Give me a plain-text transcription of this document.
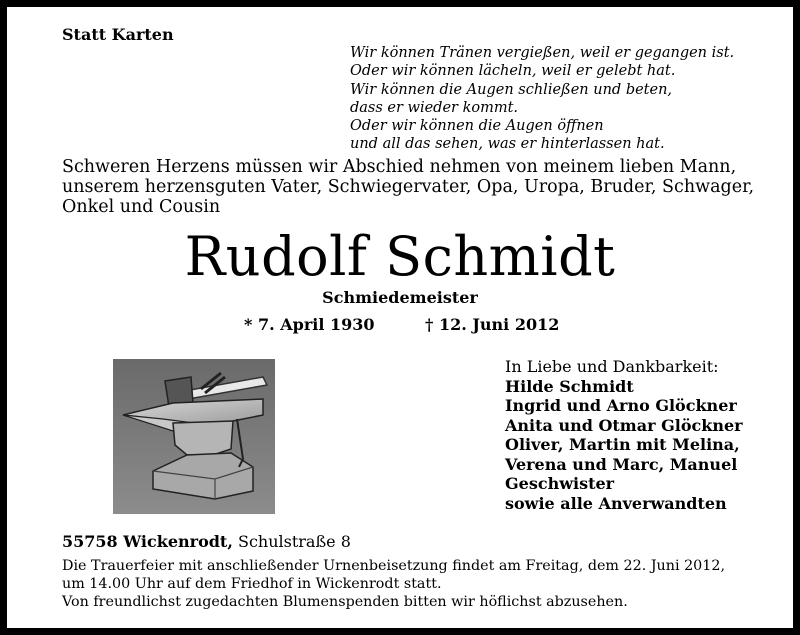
Statt Karten
Wir können Tränen vergießen, weil er gegangen ist.
Oder wir können lächeln, weil er gelebt hat.
Wir können die Augen schließen und beten,
dass er wieder kommt.
Oder wir können die Augen öffnen
und all das sehen, was er hinterlassen hat.
Schweren Herzens müssen wir Abschied nehmen von meinem lieben Mann,
unserem herzensguten Vater, Schwiegervater, Opa, Uropa, Bruder, Schwager,
Onkel und Cousin
Rudolf Schmidt
Schmiedemeister
* 7. April 1930	† 12. Juni 2012
In Liebe und Dankbarkeit:
Hilde Schmidt
Ingrid und Arno Glöckner
Anita und Otmar Glöckner
Oliver, Martin mit Melina,
Verena und Marc, Manuel
Geschwister
sowie alle Anverwandten
55758 Wickenrodt, Schulstraße 8
Die Trauerfeier mit anschließender Urnenbeisetzung findet am Freitag, dem 22. Juni 2012,
um 14.00 Uhr auf dem Friedhof in Wickenrodt statt.
Von freundlichst zugedachten Blumenspenden bitten wir höflichst abzusehen.
